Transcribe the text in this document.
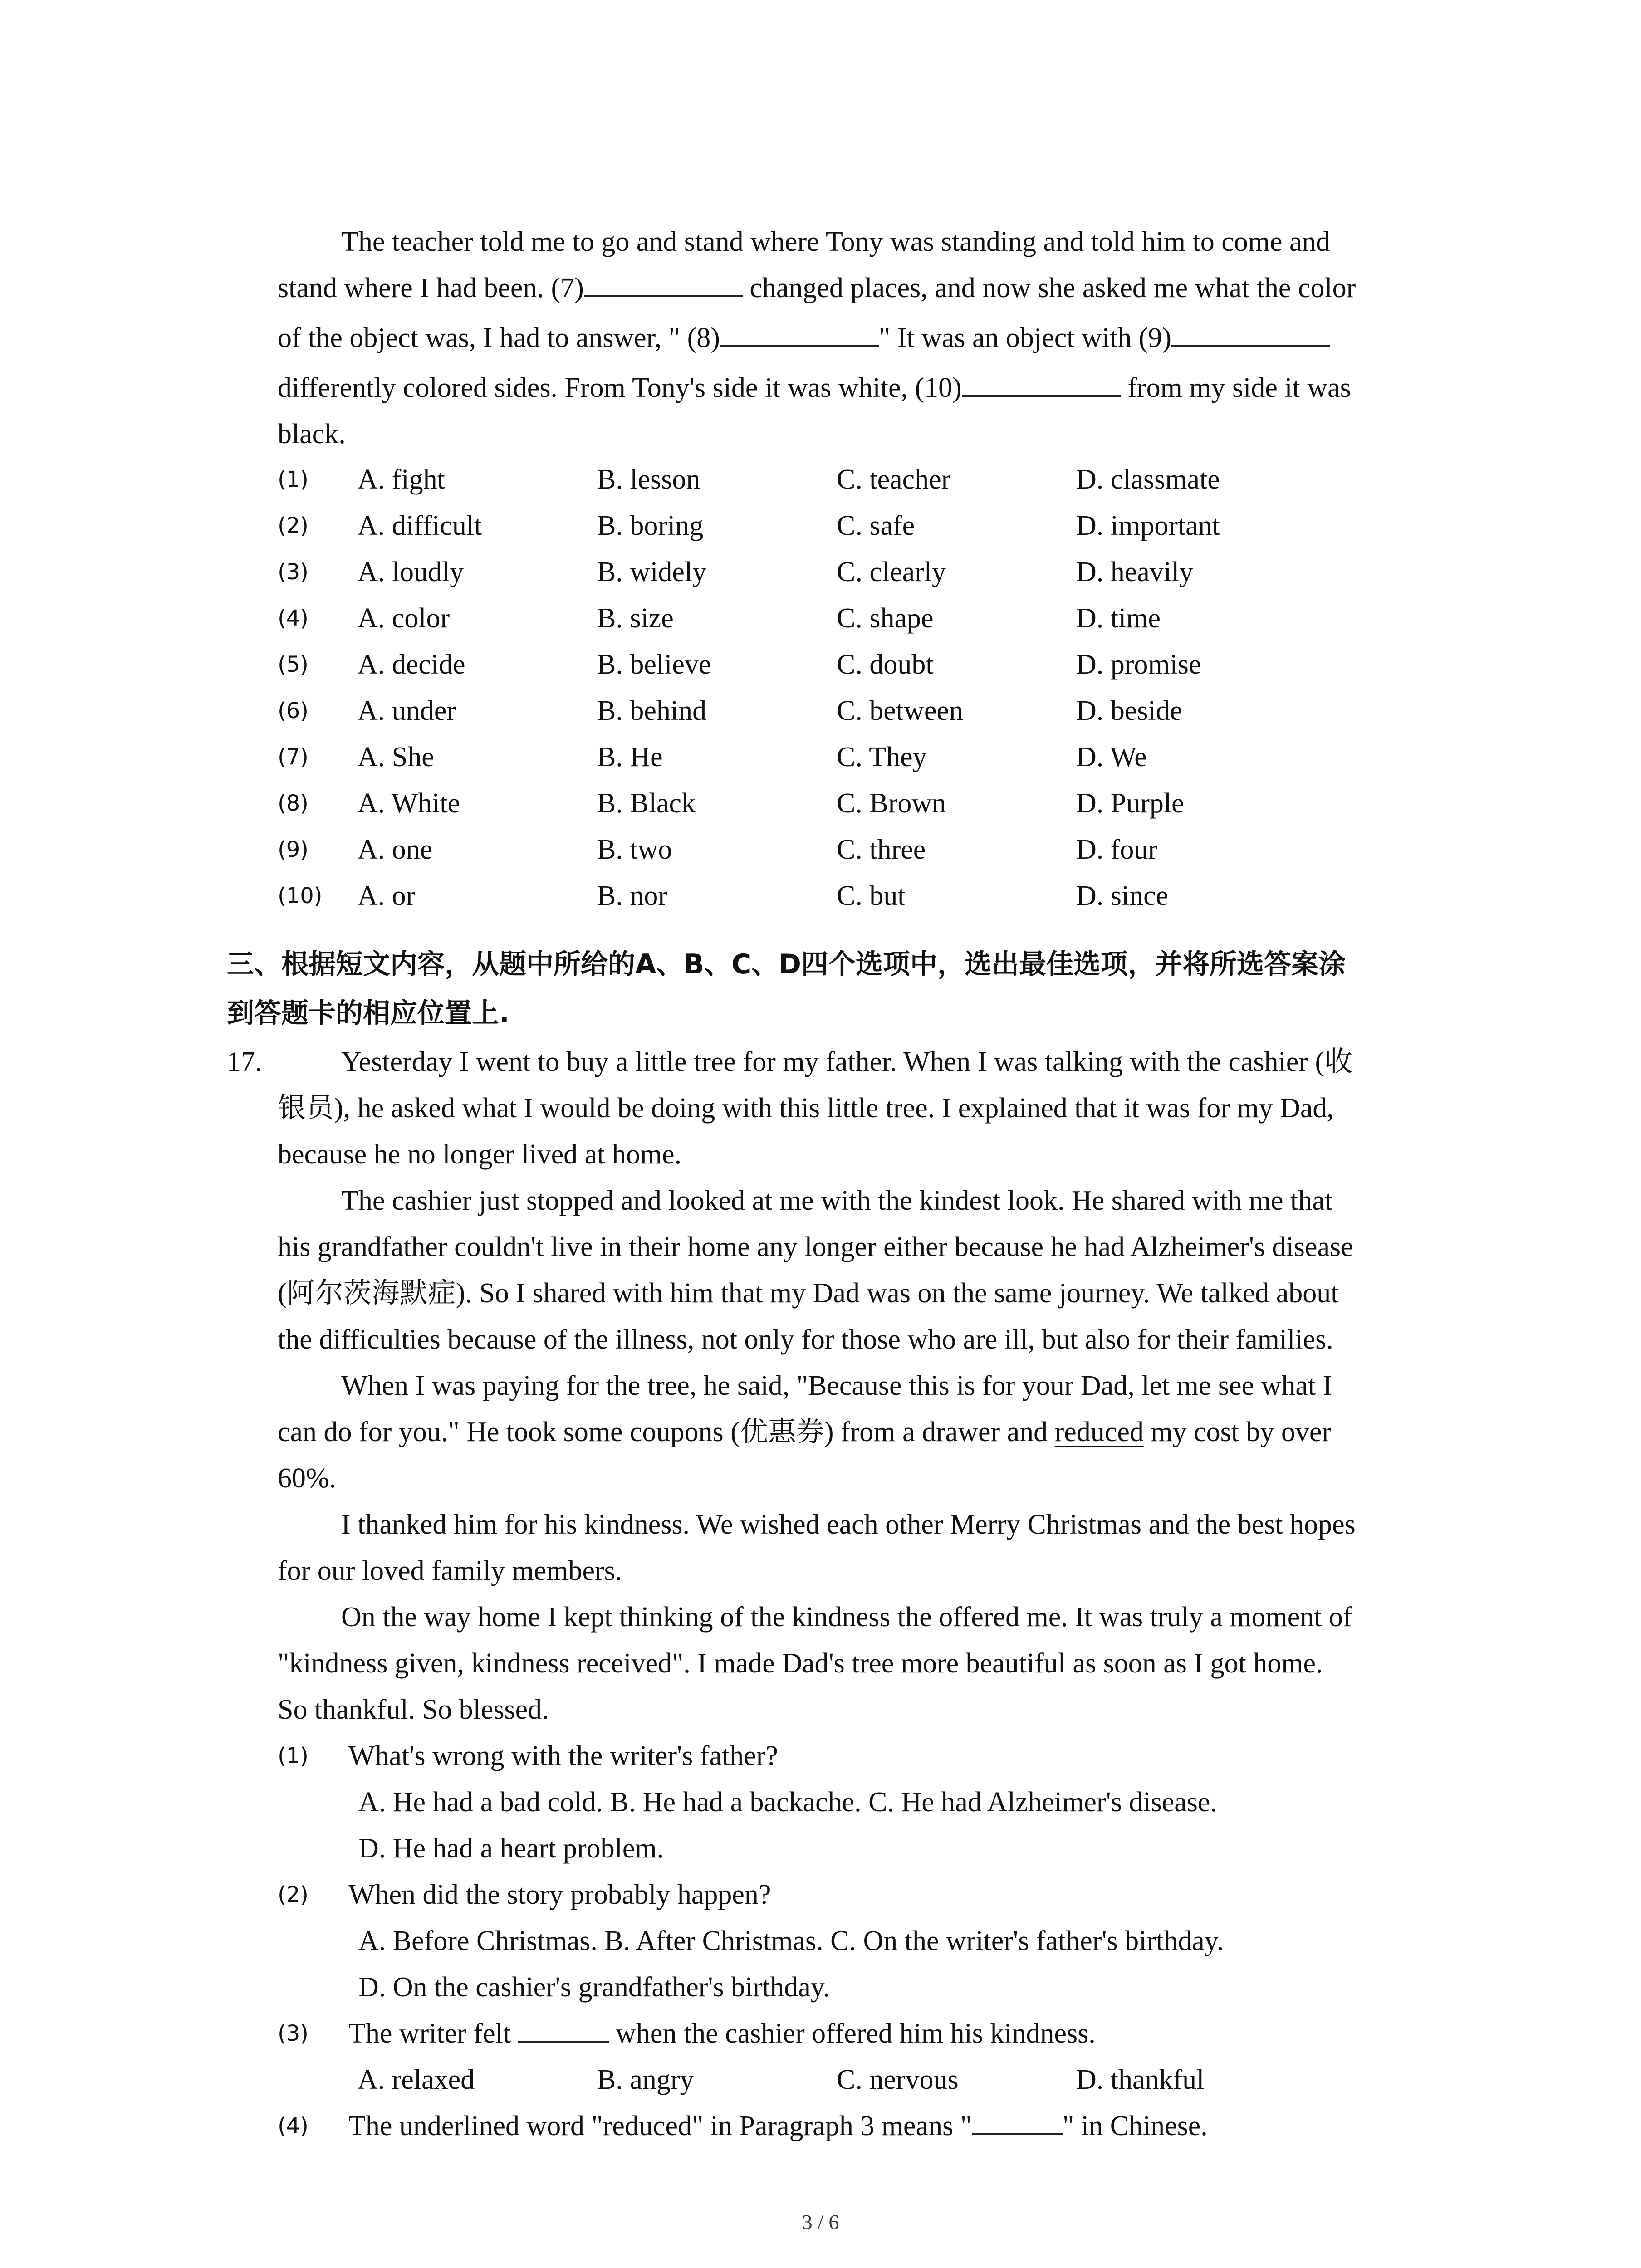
The teacher told me to go and stand where Tony was standing and told him to come and
stand where I had been. (7)	changed places, and now she asked me what the color
of the object was, I had to answer, " (8)	" It was an object with (9)
differently colored sides. From Tony's side it was white, (10)	from my side it was
black.
(1) A. fight	B. lesson	C. teacher	D. classmate
(2) A. difficult	B. boring	C. safe	D. important
(3) A. loudly	B. widely	C. clearly	D. heavily
(4) A. color	B. size	C. shape	D. time
(5) A. decide	B. believe	C. doubt	D. promise
(6) A. under	B. behind	C. between	D. beside
(7) A. She	B. He	C. They	D. We
(8) A. White	B. Black	C. Brown	D. Purple
(9) A. one	B. two	C. three	D. four
(10) A. or	B. nor	C. but	D. since
三、根据短文内容，从题中所给的A、B、C、D四个选项中，选出最佳选项，并将所选答案涂
到答题卡的相应位置上.
17.	Yesterday I went to buy a little tree for my father. When I was talking with the cashier (收
银员), he asked what I would be doing with this little tree. I explained that it was for my Dad,
because he no longer lived at home.
The cashier just stopped and looked at me with the kindest look. He shared with me that
his grandfather couldn't live in their home any longer either because he had Alzheimer's disease
(阿尔茨海默症). So I shared with him that my Dad was on the same journey. We talked about
the difficulties because of the illness, not only for those who are ill, but also for their families.
When I was paying for the tree, he said, "Because this is for your Dad, let me see what I
can do for you." He took some coupons (优惠券) from a drawer and reduced my cost by over
60%.
I thanked him for his kindness. We wished each other Merry Christmas and the best hopes
for our loved family members.
On the way home I kept thinking of the kindness the offered me. It was truly a moment of
"kindness given, kindness received". I made Dad's tree more beautiful as soon as I got home.
So thankful. So blessed.
(1) What's wrong with the writer's father?
A. He had a bad cold. B. He had a backache. C. He had Alzheimer's disease.
D. He had a heart problem.
(2) When did the story probably happen?
A. Before Christmas. B. After Christmas. C. On the writer's father's birthday.
D. On the cashier's grandfather's birthday.
(3) The writer felt	when the cashier offered him his kindness.
A. relaxed	B. angry	C. nervous	D. thankful
(4) The underlined word "reduced" in Paragraph 3 means "	" in Chinese.
3 / 6
